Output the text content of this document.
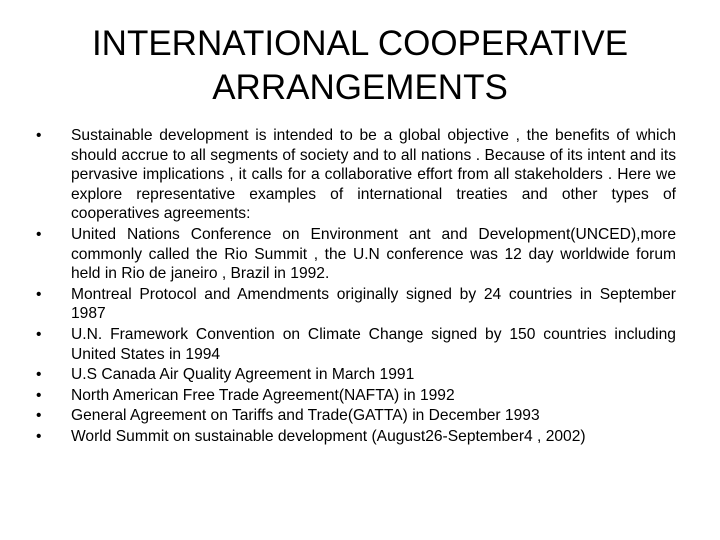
INTERNATIONAL COOPERATIVE ARRANGEMENTS
•	Sustainable development is intended to be a global objective , the benefits of which should accrue to all segments of society and to all nations . Because of its intent and its pervasive implications , it calls for a collaborative effort from all stakeholders . Here we explore representative examples of international treaties and other types of cooperatives agreements:
•	United Nations Conference on Environment ant and Development(UNCED),more commonly called the Rio Summit , the U.N conference was 12 day worldwide forum held in Rio de janeiro , Brazil in 1992.
•	Montreal Protocol and Amendments originally signed by 24 countries in September 1987
•	U.N. Framework Convention on Climate Change signed by 150 countries including United States in 1994
•	U.S Canada Air Quality Agreement in March 1991
•	North American Free Trade Agreement(NAFTA) in 1992
•	General Agreement on Tariffs and Trade(GATTA) in December 1993
•	World Summit on sustainable development (August26-September4 , 2002)
